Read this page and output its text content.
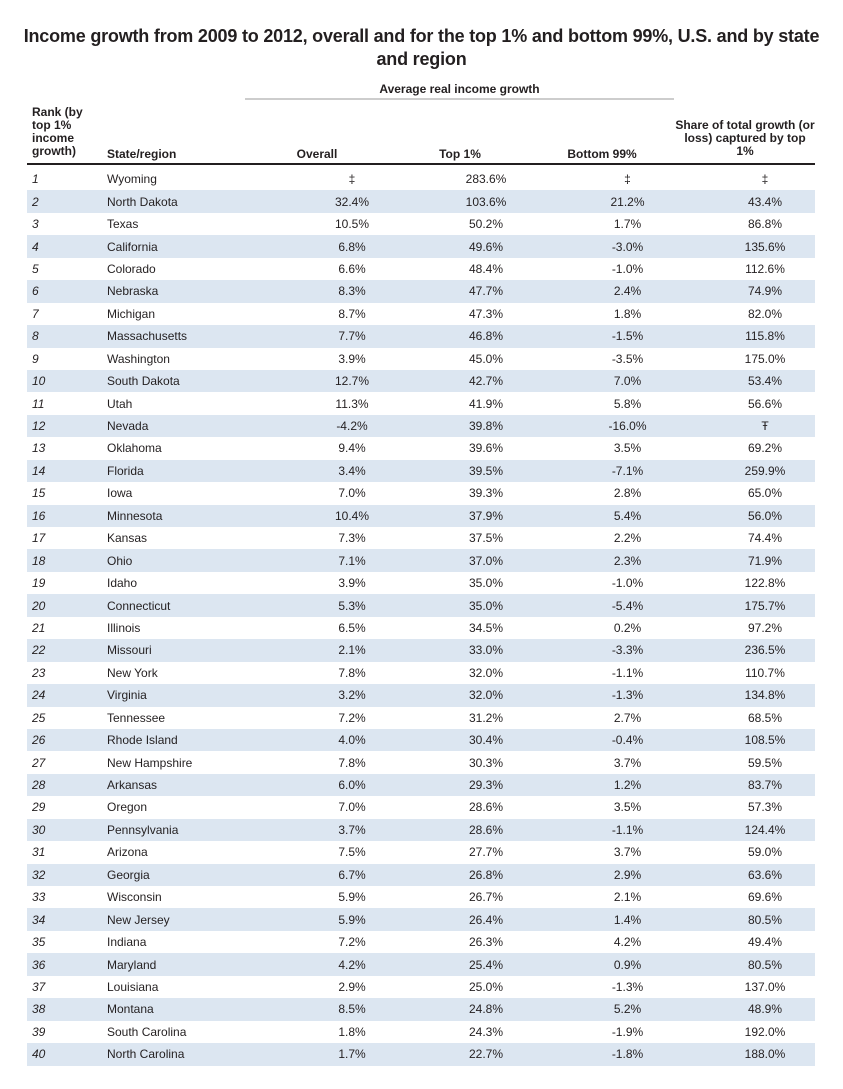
Income growth from 2009 to 2012, overall and for the top 1% and bottom 99%, U.S. and by state and region
Average real income growth
Rank (by top 1% income growth)	State/region	Overall	Top 1%	Bottom 99%
Share of total growth (or loss) captured by top 1%
1	Wyoming	‡	283.6%	‡	‡
2	North Dakota	32.4%	103.6%	21.2%	43.4%
3	Texas	10.5%	50.2%	1.7%	86.8%
4	California	6.8%	49.6%	-3.0%	135.6%
5	Colorado	6.6%	48.4%	-1.0%	112.6%
6	Nebraska	8.3%	47.7%	2.4%	74.9%
7	Michigan	8.7%	47.3%	1.8%	82.0%
8	Massachusetts	7.7%	46.8%	-1.5%	115.8%
9	Washington	3.9%	45.0%	-3.5%	175.0%
10	South Dakota	12.7%	42.7%	7.0%	53.4%
11	Utah	11.3%	41.9%	5.8%	56.6%
12	Nevada	-4.2%	39.8%	-16.0%	Ŧ
13	Oklahoma	9.4%	39.6%	3.5%	69.2%
14	Florida	3.4%	39.5%	-7.1%	259.9%
15	Iowa	7.0%	39.3%	2.8%	65.0%
16	Minnesota	10.4%	37.9%	5.4%	56.0%
17	Kansas	7.3%	37.5%	2.2%	74.4%
18	Ohio	7.1%	37.0%	2.3%	71.9%
19	Idaho	3.9%	35.0%	-1.0%	122.8%
20	Connecticut	5.3%	35.0%	-5.4%	175.7%
21	Illinois	6.5%	34.5%	0.2%	97.2%
22	Missouri	2.1%	33.0%	-3.3%	236.5%
23	New York	7.8%	32.0%	-1.1%	110.7%
24	Virginia	3.2%	32.0%	-1.3%	134.8%
25	Tennessee	7.2%	31.2%	2.7%	68.5%
26	Rhode Island	4.0%	30.4%	-0.4%	108.5%
27	New Hampshire	7.8%	30.3%	3.7%	59.5%
28	Arkansas	6.0%	29.3%	1.2%	83.7%
29	Oregon	7.0%	28.6%	3.5%	57.3%
30	Pennsylvania	3.7%	28.6%	-1.1%	124.4%
31	Arizona	7.5%	27.7%	3.7%	59.0%
32	Georgia	6.7%	26.8%	2.9%	63.6%
33	Wisconsin	5.9%	26.7%	2.1%	69.6%
34	New Jersey	5.9%	26.4%	1.4%	80.5%
35	Indiana	7.2%	26.3%	4.2%	49.4%
36	Maryland	4.2%	25.4%	0.9%	80.5%
37	Louisiana	2.9%	25.0%	-1.3%	137.0%
38	Montana	8.5%	24.8%	5.2%	48.9%
39	South Carolina	1.8%	24.3%	-1.9%	192.0%
40	North Carolina	1.7%	22.7%	-1.8%	188.0%
